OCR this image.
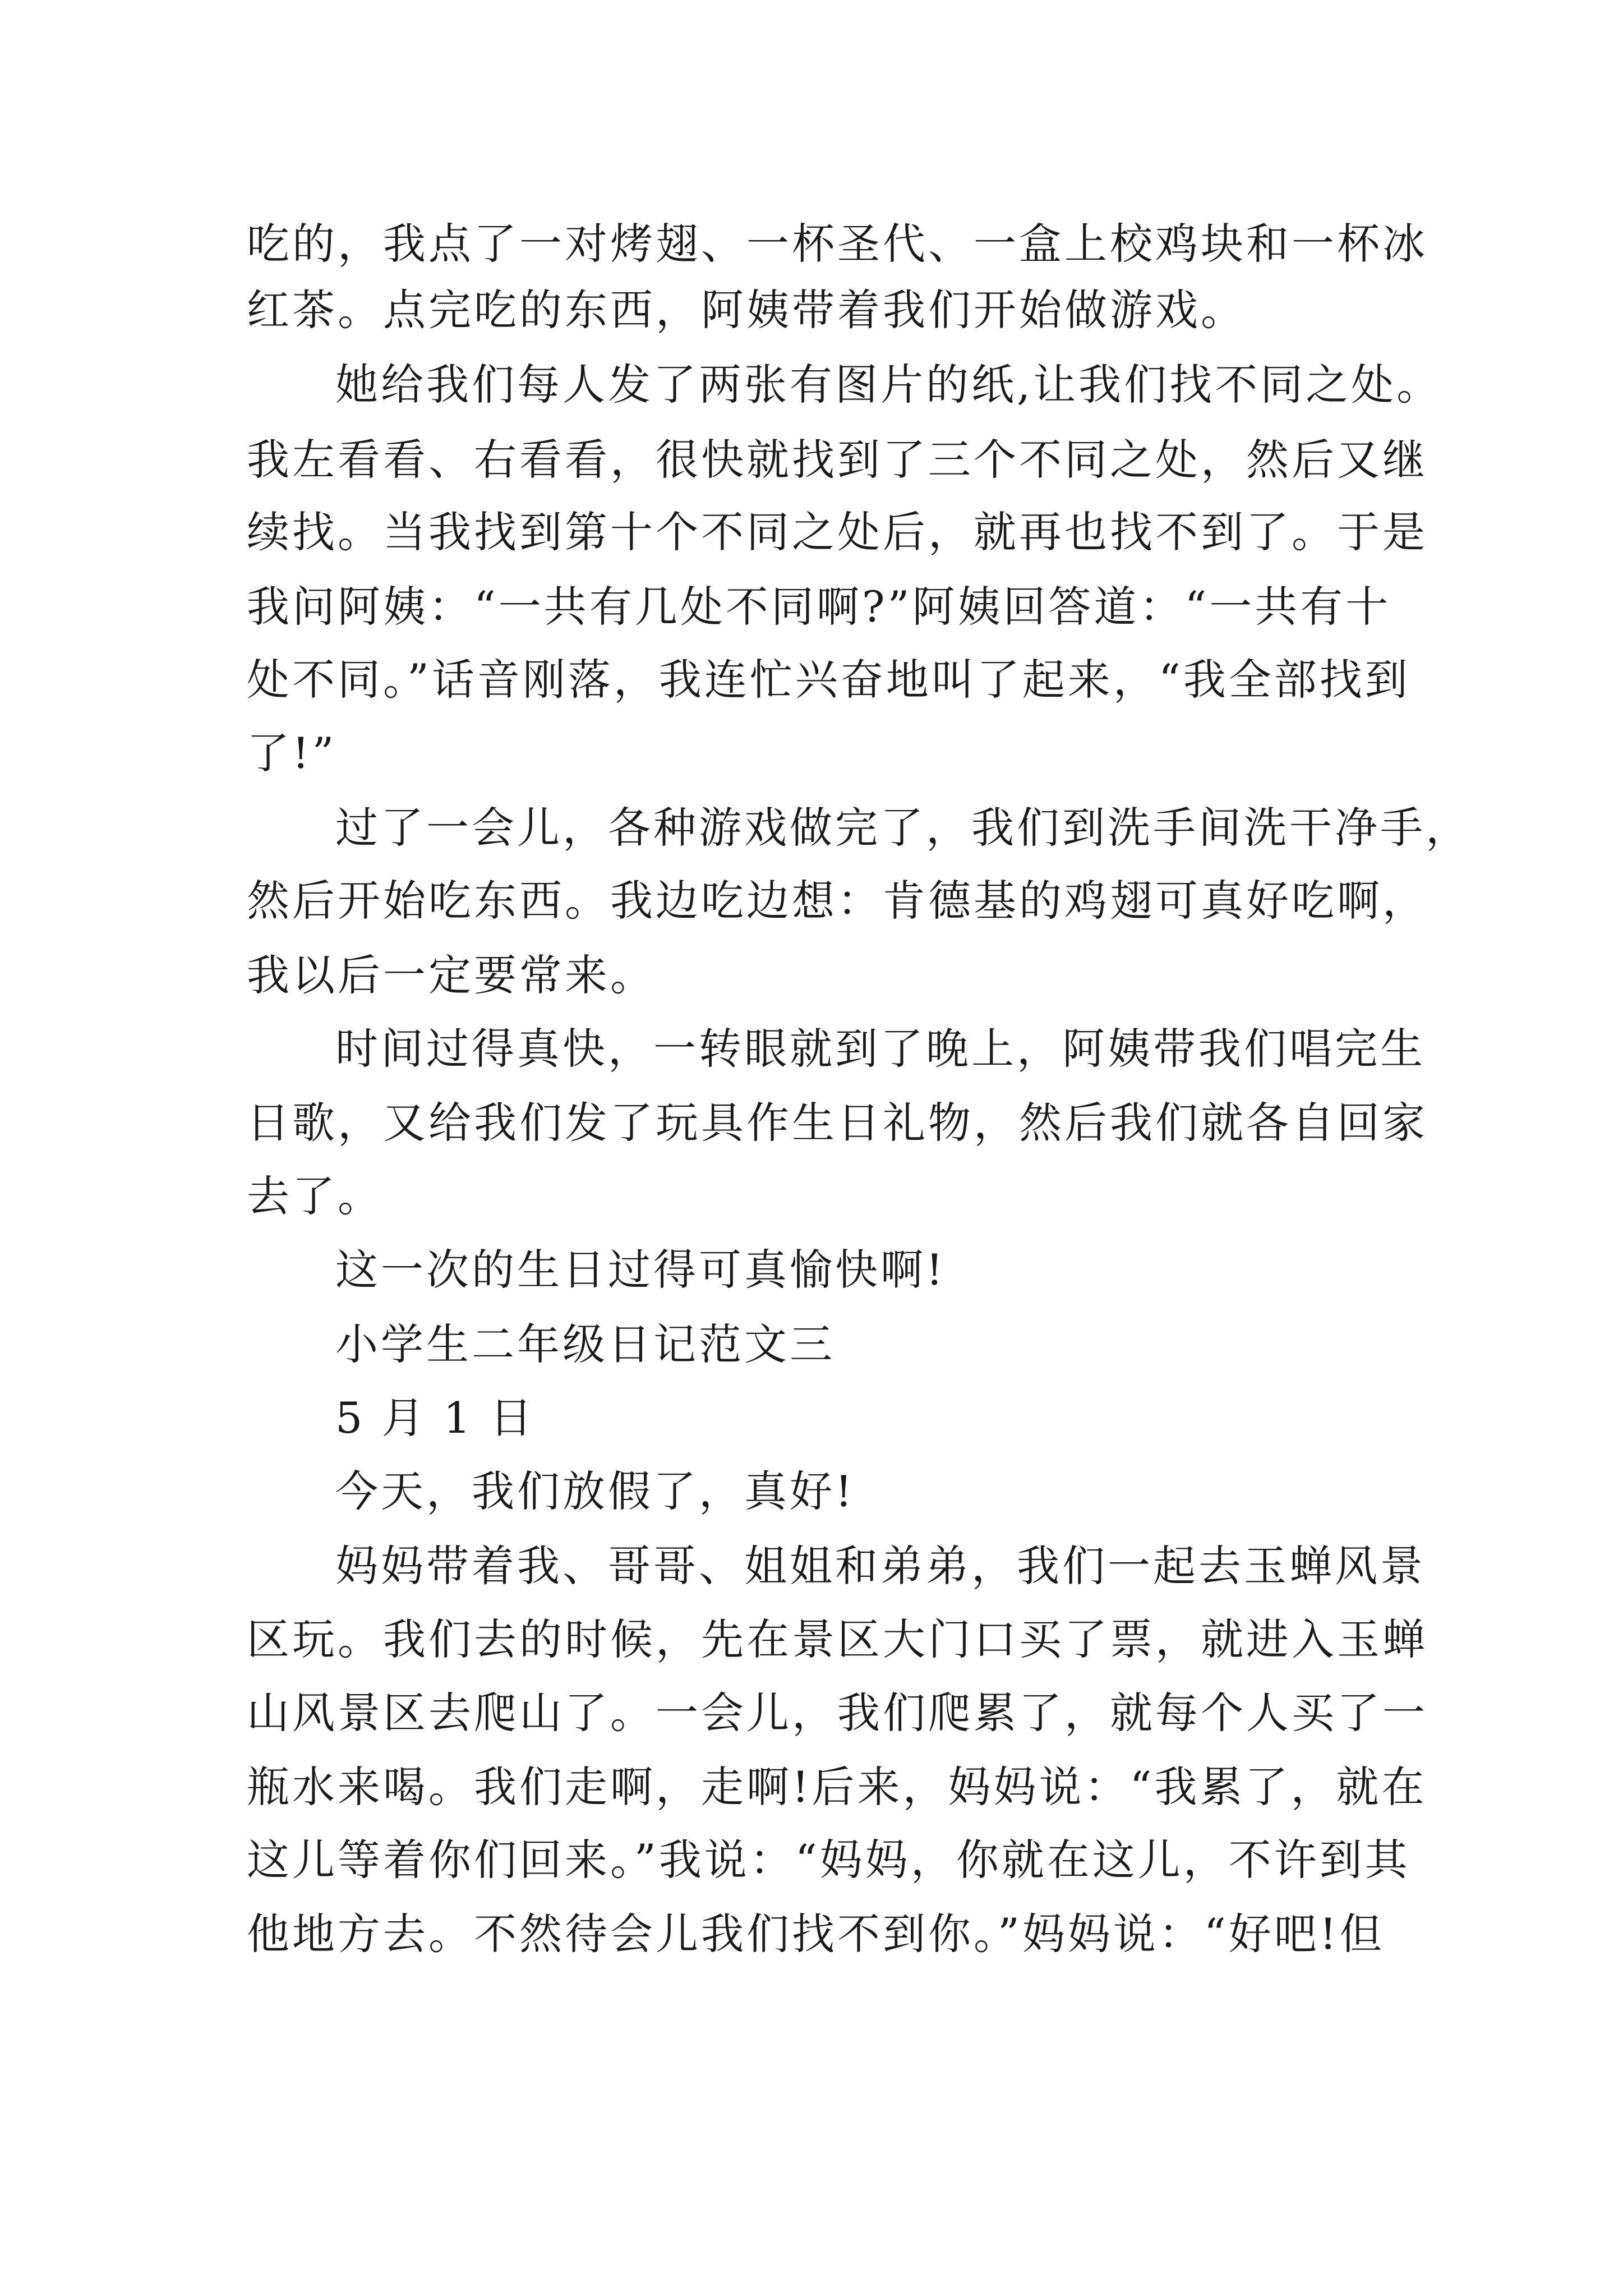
吃的，我点了一对烤翅、一杯圣代、一盒上校鸡块和一杯冰
红茶。点完吃的东西，阿姨带着我们开始做游戏。
她给我们每人发了两张有图片的纸,让我们找不同之处。
我左看看、右看看，很快就找到了三个不同之处，然后又继
续找。当我找到第十个不同之处后，就再也找不到了。于是
我问阿姨：“一共有几处不同啊?”阿姨回答道：“一共有十
处不同。”话音刚落，我连忙兴奋地叫了起来，“我全部找到
了!”
过了一会儿，各种游戏做完了，我们到洗手间洗干净手，
然后开始吃东西。我边吃边想：肯德基的鸡翅可真好吃啊，
我以后一定要常来。
时间过得真快，一转眼就到了晚上，阿姨带我们唱完生
日歌，又给我们发了玩具作生日礼物，然后我们就各自回家
去了。
这一次的生日过得可真愉快啊!
小学生二年级日记范文三
5 月 1 日
今天，我们放假了，真好!
妈妈带着我、哥哥、姐姐和弟弟，我们一起去玉蝉风景
区玩。我们去的时候，先在景区大门口买了票，就进入玉蝉
山风景区去爬山了。一会儿，我们爬累了，就每个人买了一
瓶水来喝。我们走啊，走啊!后来，妈妈说：“我累了，就在
这儿等着你们回来。”我说：“妈妈，你就在这儿，不许到其
他地方去。不然待会儿我们找不到你。”妈妈说：“好吧!但
